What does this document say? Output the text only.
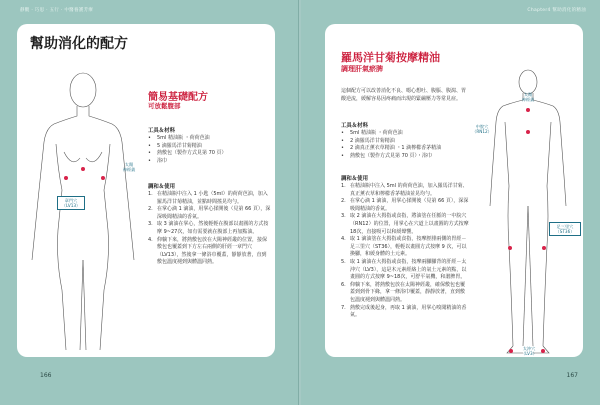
靜觀 · 巧思 · 五行 · 中醫養護芳療
幫助消化的配方
太陽
神經叢
章門穴
（LV13）
簡易基礎配方
可放鬆腹部
工具＆材料
•	5ml 精油瓶 ・荷荷芭油
•	5 滴羅馬洋甘菊精油
•	熱敷包（製作方式見第 70 頁）
•	浴巾
調和＆使用
1. 在精油瓶中注入 1 小匙（5ml）的荷荷芭油，加入羅馬洋甘菊精油，並點時間搖晃均勻。
2. 在掌心滴 1 滴油，用掌心揉開後（見第 66 頁），深深吸聞精油的香氣。
3. 取 3 滴油在掌心，然後輕輕在腹部以畫圓的方式按摩 9~27次，如有需要就在腹部上再加點油。
4. 仰躺下來，將熱敷包放在大陽神經叢的位置，接保敷包也覆蓋到下方左右兩側的肝經一章門穴（LV13），然後拿一條浴巾覆蓋，靜靜放著，直到敷包溫度褪到與體溫同熱。
166
Chapter4 幫助消化的精油
羅馬洋甘菊按摩精油
調理肝氣瘀脾
這個配方可以改善消化不良、噁心想吐、腹脹、腹瀉、胃酸逆流，緩解容易因疼痛而出現的緊繃壓力等常見症。
工具＆材料
•	5ml 精油瓶 ・荷荷芭油
•	2 滴羅馬洋甘菊精油
•	2 滴真正薰衣草精油 ・1 滴檸檬香茅精油
•	熱敷包（製作方式見第 70 頁）・浴巾
調和＆使用
1. 在精油瓶中注入 5ml 的荷荷芭油，加入羅馬洋甘菊、真正薰衣草和檸檬香茅精油並晃均勻。
2. 在掌心滴 1 滴油，用掌心揉開後（見第 66 頁），深深吸聞精油的香氣。
3. 取 2 滴油在大拇指或食指，將油塗在任脈的一中脘穴（RN12）的位置，用掌心在穴道上以畫圓的方式按摩 18次，直接吸可以和緩聲響。
4. 取 1 滴油塗在大拇指或食指，按摩脛腓兩側的胃經－足三里穴（ST36），輕輕以畫圓方式按摩 9 次，可以換腳，和緩身體的土元素。
5. 取 1 滴油在大拇指或食指，按摩兩腳腳背的肝經－太沖穴（LV3），這是木元素經絡上的氣土元素的點，以畫圓的方式按摩 9~18次，可舒平氣機，和諧脾胃。
6. 仰躺下來，將熱敷包放在太陽神經叢，確保敷包也覆蓋到到骨下緣，拿一條浴巾覆蓋，靜靜放著，直到敷包溫度褪到與體溫同熱。
7. 熱敷完成後起身，再取 1 滴油，用掌心嗅聞精油的香氣。
太陽
神經叢
中脘穴
（RN12）
足三里穴
（ST36）
太沖穴
（LV3）
167
